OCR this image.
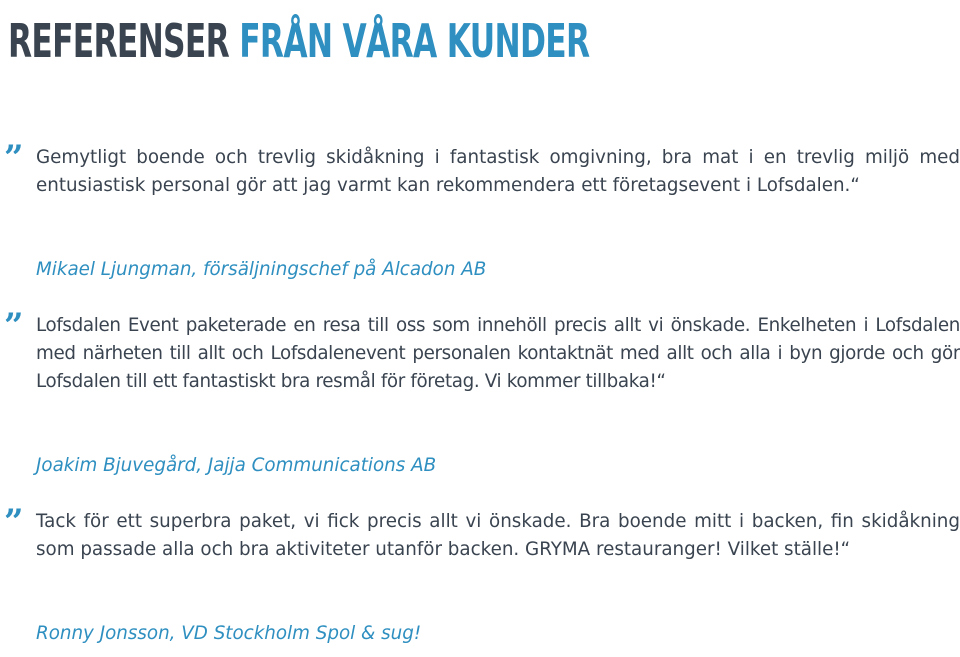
REFERENSER FRÅN VÅRA KUNDER
” Gemytligt boende och trevlig skidåkning i fantastisk omgivning, bra mat i en trevlig miljö med entusiastisk personal gör att jag varmt kan rekommendera ett företagsevent i Lofsdalen.“

Mikael Ljungman, försäljningschef på Alcadon AB

” Lofsdalen Event paketerade en resa till oss som innehöll precis allt vi önskade. Enkelheten i Lofsdalen med närheten till allt och Lofsdalenevent personalen kontaktnät med allt och alla i byn gjorde och gör Lofsdalen till ett fantastiskt bra resmål för företag. Vi kommer tillbaka!“

Joakim Bjuvegård, Jajja Communications AB

” Tack för ett superbra paket, vi fick precis allt vi önskade. Bra boende mitt i backen, fin skidåkning som passade alla och bra aktiviteter utanför backen. GRYMA restauranger! Vilket ställe!“

Ronny Jonsson, VD Stockholm Spol & sug!
